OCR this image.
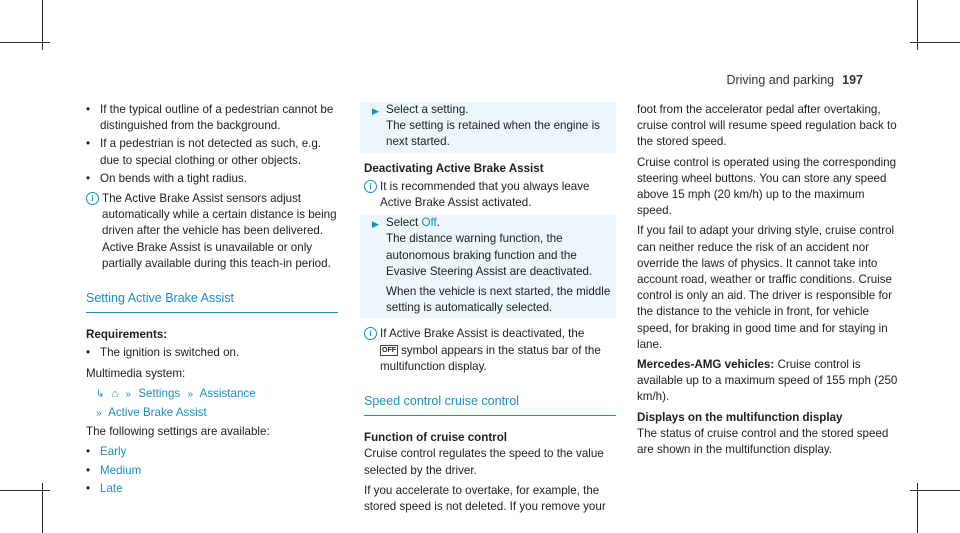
Driving and parking 197
• If the typical outline of a pedestrian cannot be distinguished from the background.
• If a pedestrian is not detected as such, e.g. due to special clothing or other objects.
• On bends with a tight radius.
i The Active Brake Assist sensors adjust automatically while a certain distance is being driven after the vehicle has been delivered. Active Brake Assist is unavailable or only partially available during this teach-in period.
Setting Active Brake Assist

Requirements:

• The ignition is switched on.

Multimedia system:

↳ ⌂ » Settings » Assistance
» Active Brake Assist

The following settings are available:

• Early
• Medium
• Late
▶ Select a setting.
The setting is retained when the engine is next started.

Deactivating Active Brake Assist

i It is recommended that you always leave Active Brake Assist activated.
▶ Select Off.
The distance warning function, the autonomous braking function and the Evasive Steering Assist are deactivated.
When the vehicle is next started, the middle setting is automatically selected.
i If Active Brake Assist is deactivated, the
OFF symbol appears in the status bar of the multifunction display.
Speed control cruise control

Function of cruise control

Cruise control regulates the speed to the value selected by the driver.

If you accelerate to overtake, for example, the stored speed is not deleted. If you remove your

foot from the accelerator pedal after overtaking, cruise control will resume speed regulation back to the stored speed.

Cruise control is operated using the corresponding steering wheel buttons. You can store any speed above 15 mph (20 km/h) up to the maximum speed.

If you fail to adapt your driving style, cruise control can neither reduce the risk of an accident nor override the laws of physics. It cannot take into account road, weather or traffic conditions. Cruise control is only an aid. The driver is responsible for the distance to the vehicle in front, for vehicle speed, for braking in good time and for staying in lane.

Mercedes-AMG vehicles: Cruise control is available up to a maximum speed of 155 mph (250 km/h).

Displays on the multifunction display

The status of cruise control and the stored speed are shown in the multifunction display.
